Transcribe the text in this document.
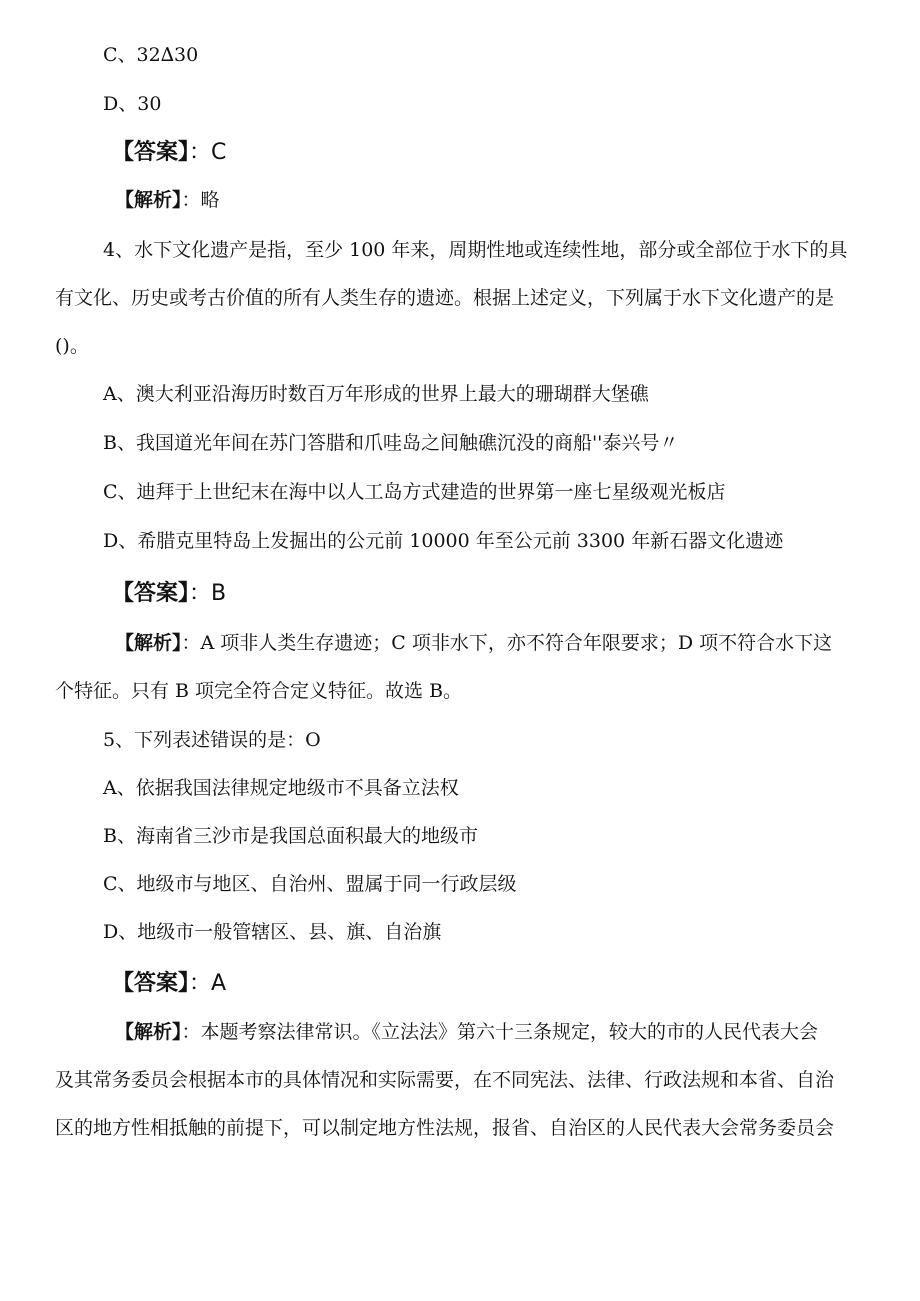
C、32∆30
D、30
【答案】：C
【解析】：略
4、水下文化遗产是指，至少 100 年来，周期性地或连续性地，部分或全部位于水下的具
有文化、历史或考古价值的所有人类生存的遗迹。根据上述定义，下列属于水下文化遗产的是
()。
A、澳大利亚沿海历时数百万年形成的世界上最大的珊瑚群大堡礁
B、我国道光年间在苏门答腊和爪哇岛之间触礁沉没的商船''泰兴号〃
C、迪拜于上世纪末在海中以人工岛方式建造的世界第一座七星级观光板店
D、希腊克里特岛上发掘出的公元前 10000 年至公元前 3300 年新石器文化遗迹
【答案】：B
【解析】：A 项非人类生存遗迹；C 项非水下，亦不符合年限要求；D 项不符合水下这
个特征。只有 B 项完全符合定义特征。故选 B。
5、下列表述错误的是：O
A、依据我国法律规定地级市不具备立法权
B、海南省三沙市是我国总面积最大的地级市
C、地级市与地区、自治州、盟属于同一行政层级
D、地级市一般管辖区、县、旗、自治旗
【答案】：A
【解析】：本题考察法律常识。《立法法》第六十三条规定，较大的市的人民代表大会
及其常务委员会根据本市的具体情况和实际需要，在不同宪法、法律、行政法规和本省、自治
区的地方性相抵触的前提下，可以制定地方性法规，报省、自治区的人民代表大会常务委员会
